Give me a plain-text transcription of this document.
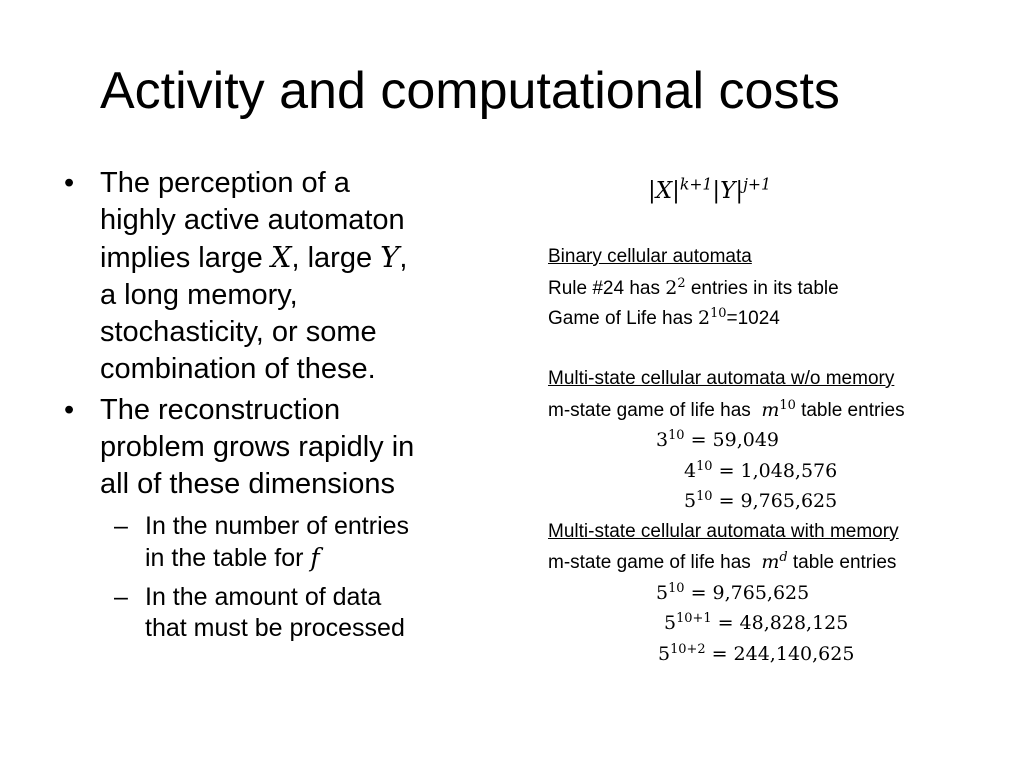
Activity and computational costs
• The perception of a
highly active automaton
implies large X, large Y,
a long memory,
stochasticity, or some
combination of these.
• The reconstruction
problem grows rapidly in
all of these dimensions
– In the number of entries
in the table for f
– In the amount of data
that must be processed
$|X|^{k+1}|Y|^{j+1}$
Binary cellular automata
Rule #24 has $2^2$ entries in its table
Game of Life has $2^{10}=1024$
Multi-state cellular automata w/o memory
m-state game of life has  $m^{10}$ table entries
$3^{10} = 59,049$
$4^{10} = 1,048,576$
$5^{10} = 9,765,625$
Multi-state cellular automata with memory
m-state game of life has  $m^d$ table entries
$5^{10} = 9,765,625$
$5^{10+1} = 48,828,125$
$5^{10+2} = 244,140,625$
